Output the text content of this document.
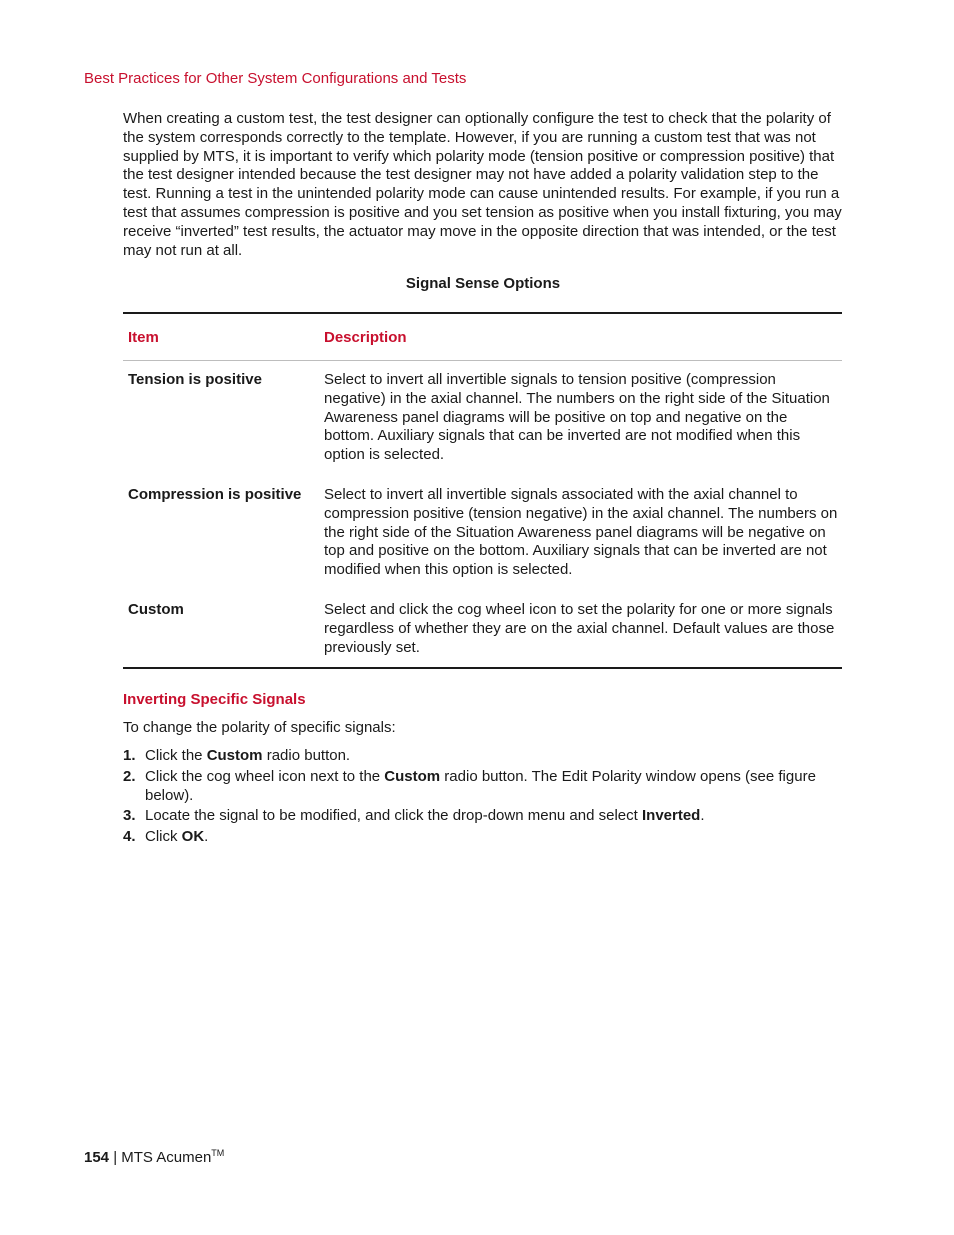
Best Practices for Other System Configurations and Tests

When creating a custom test, the test designer can optionally configure the test to check that the polarity of the system corresponds correctly to the template. However, if you are running a custom test that was not supplied by MTS, it is important to verify which polarity mode (tension positive or compression positive) that the test designer intended because the test designer may not have added a polarity validation step to the test. Running a test in the unintended polarity mode can cause unintended results. For example, if you run a test that assumes compression is positive and you set tension as positive when you install fixturing, you may receive “inverted” test results, the actuator may move in the opposite direction that was intended, or the test may not run at all.

Signal Sense Options
Item	Description
Tension is positive	Select to invert all invertible signals to tension positive (compression negative) in the axial channel. The numbers on the right side of the Situation Awareness panel diagrams will be positive on top and negative on the bottom. Auxiliary signals that can be inverted are not modified when this option is selected.
Compression is positive	Select to invert all invertible signals associated with the axial channel to compression positive (tension negative) in the axial channel. The numbers on the right side of the Situation Awareness panel diagrams will be negative on top and positive on the bottom. Auxiliary signals that can be inverted are not modified when this option is selected.
Custom	Select and click the cog wheel icon to set the polarity for one or more signals regardless of whether they are on the axial channel. Default values are those previously set.
Inverting Specific Signals
To change the polarity of specific signals:
1. Click the Custom radio button.
2. Click the cog wheel icon next to the Custom radio button. The Edit Polarity window opens (see figure below).
3. Locate the signal to be modified, and click the drop-down menu and select Inverted.
4. Click OK.
154 | MTS Acumen™
